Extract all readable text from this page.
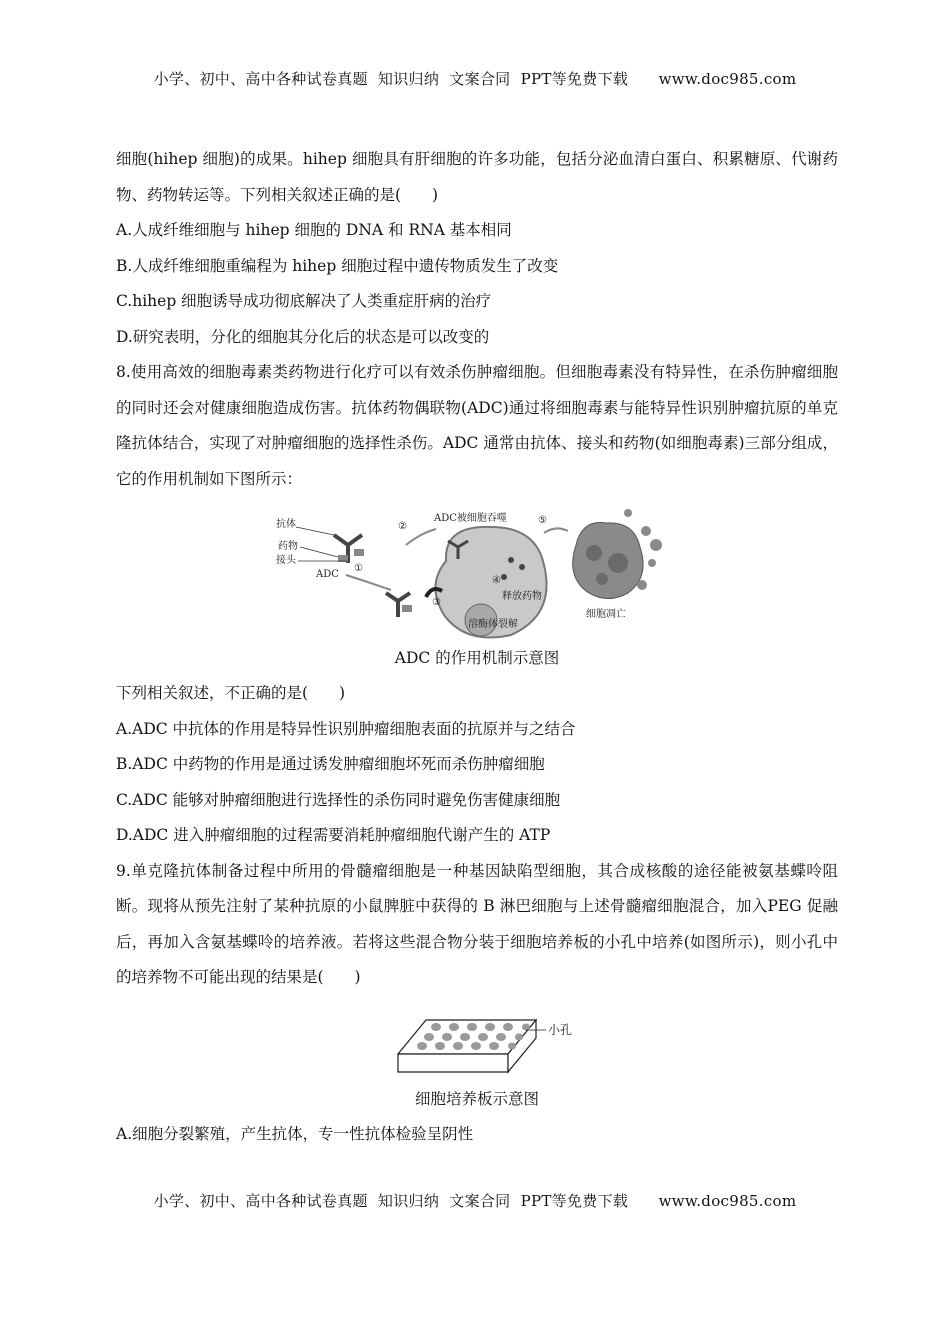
小学、初中、高中各种试卷真题  知识归纳  文案合同  PPT等免费下载      www.doc985.com

细胞(hihep 细胞)的成果。hihep 细胞具有肝细胞的许多功能，包括分泌血清白蛋白、积累糖原、代谢药物、药物转运等。下列相关叙述正确的是(　　)

A.人成纤维细胞与 hihep 细胞的 DNA 和 RNA 基本相同

B.人成纤维细胞重编程为 hihep 细胞过程中遗传物质发生了改变

C.hihep 细胞诱导成功彻底解决了人类重症肝病的治疗

D.研究表明，分化的细胞其分化后的状态是可以改变的

8.使用高效的细胞毒素类药物进行化疗可以有效杀伤肿瘤细胞。但细胞毒素没有特异性，在杀伤肿瘤细胞的同时还会对健康细胞造成伤害。抗体药物偶联物(ADC)通过将细胞毒素与能特异性识别肿瘤抗原的单克隆抗体结合，实现了对肿瘤细胞的选择性杀伤。ADC 通常由抗体、接头和药物(如细胞毒素)三部分组成，它的作用机制如下图所示：

抗体
药物
接头
ADC
①
②
③
④
ADC被细胞吞噬
释放药物
溶酶体裂解
⑤
细胞凋亡

ADC 的作用机制示意图

下列相关叙述，不正确的是(　　)

A.ADC 中抗体的作用是特异性识别肿瘤细胞表面的抗原并与之结合

B.ADC 中药物的作用是通过诱发肿瘤细胞坏死而杀伤肿瘤细胞

C.ADC 能够对肿瘤细胞进行选择性的杀伤同时避免伤害健康细胞

D.ADC 进入肿瘤细胞的过程需要消耗肿瘤细胞代谢产生的 ATP

9.单克隆抗体制备过程中所用的骨髓瘤细胞是一种基因缺陷型细胞，其合成核酸的途径能被氨基蝶呤阻断。现将从预先注射了某种抗原的小鼠脾脏中获得的 B 淋巴细胞与上述骨髓瘤细胞混合，加入PEG 促融后，再加入含氨基蝶呤的培养液。若将这些混合物分装于细胞培养板的小孔中培养(如图所示)，则小孔中的培养物不可能出现的结果是(　　)

小孔

细胞培养板示意图

A.细胞分裂繁殖，产生抗体，专一性抗体检验呈阴性

小学、初中、高中各种试卷真题  知识归纳  文案合同  PPT等免费下载      www.doc985.com
